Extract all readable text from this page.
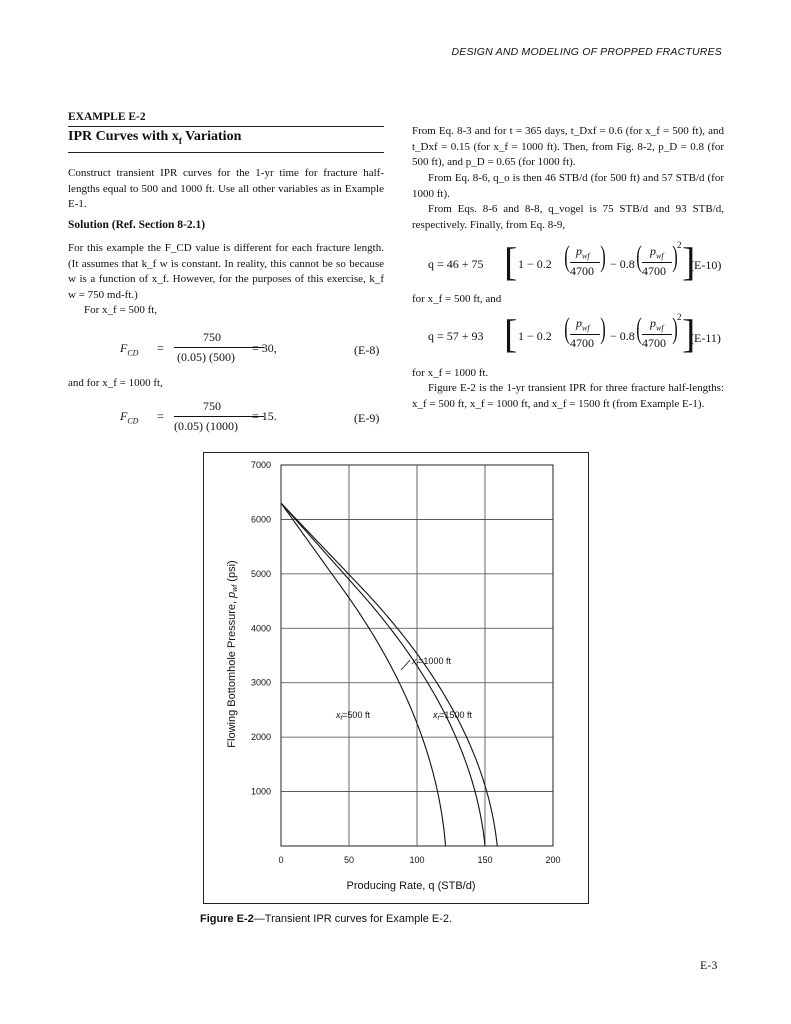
DESIGN AND MODELING OF PROPPED FRACTURES
EXAMPLE E-2
IPR Curves with $x_f$ Variation
Construct transient IPR curves for the 1-yr time for fracture half-lengths equal to 500 and 1000 ft. Use all other variables as in Example E-1.
Solution (Ref. Section 8-2.1)
For this example the F_CD value is different for each fracture length. (It assumes that k_f w is constant. In reality, this cannot be so because w is a function of x_f. However, for the purposes of this exercise, k_f w = 750 md-ft.)
For x_f = 500 ft,
$F_{CD}$ =
750
(0.05) (500)
= 30,	(E-8)
and for x_f = 1000 ft,
$F_{CD}$ =
750
(0.05) (1000)
= 15.	(E-9)
From Eq. 8-3 and for t = 365 days, t_Dxf = 0.6 (for x_f = 500 ft), and t_Dxf = 0.15 (for x_f = 1000 ft). Then, from Fig. 8-2, p_D = 0.8 (for 500 ft), and p_D = 0.65 (for 1000 ft).
From Eq. 8-6, q_o is then 46 STB/d (for 500 ft) and 57 STB/d (for 1000 ft).
From Eqs. 8-6 and 8-8, q_vogel is 75 STB/d and 93 STB/d, respectively. Finally, from Eq. 8-9,
q = 46 + 75 [ 1 − 0.2 ( $p_{wf}$
4700 ) − 0.8 ( $p_{wf}$
4700 ) 2 ]
(E-10)
for x_f = 500 ft, and
q = 57 + 93 [ 1 − 0.2 ( $p_{wf}$
4700 ) − 0.8 ( $p_{wf}$
4700 ) 2 ]
(E-11)
for x_f = 1000 ft.
Figure E-2 is the 1-yr transient IPR for three fracture half-lengths: x_f = 500 ft, x_f = 1000 ft, and x_f = 1500 ft (from Example E-1).
0	50	100	150	200
1000
2000
3000
4000
5000
6000
7000
$x_f=500$ ft
$x_f=1000$ ft
$x_f=1500$ ft
Producing Rate, q (STB/d)
Flowing Bottomhole Pressure, pwf (psi)
Figure E-2—Transient IPR curves for Example E-2.
E-3
